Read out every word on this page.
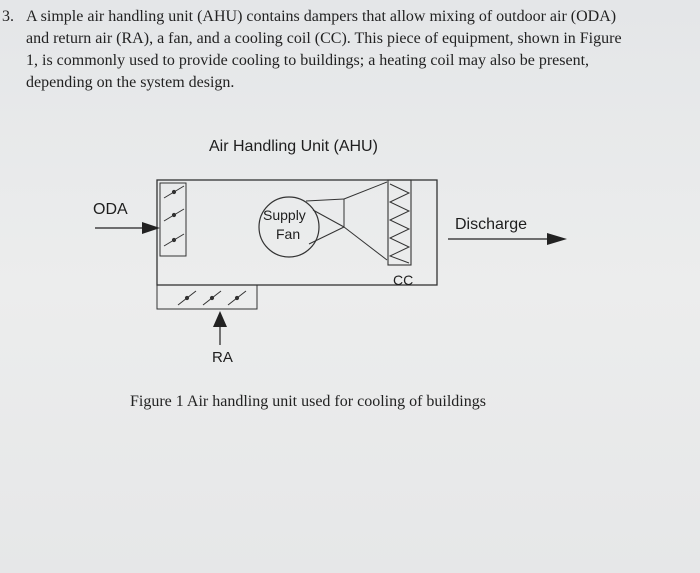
3. A simple air handling unit (AHU) contains dampers that allow mixing of outdoor air (ODA)
and return air (RA), a fan, and a cooling coil (CC). This piece of equipment, shown in Figure
1, is commonly used to provide cooling to buildings; a heating coil may also be present,
depending on the system design.
Air Handling Unit (AHU)
ODA	Supply
Fan
Discharge
CC
RA
Figure 1 Air handling unit used for cooling of buildings
